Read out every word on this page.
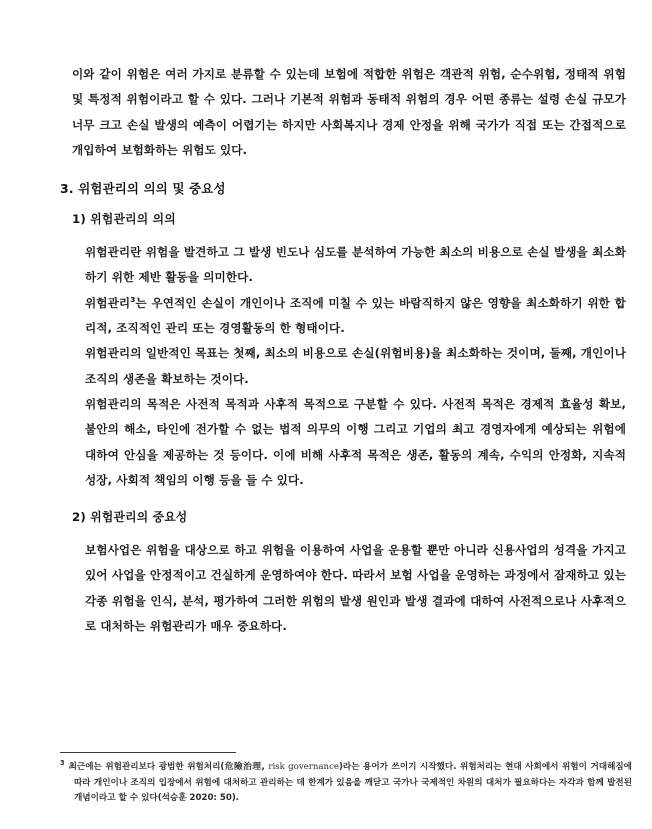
이와 같이 위험은 여러 가지로 분류할 수 있는데 보험에 적합한 위험은 객관적 위험, 순수위험, 정태적 위험 및 특정적 위험이라고 할 수 있다. 그러나 기본적 위험과 동태적 위험의 경우 어떤 종류는 설령 손실 규모가 너무 크고 손실 발생의 예측이 어렵기는 하지만 사회복지나 경제 안정을 위해 국가가 직접 또는 간접적으로 개입하여 보험화하는 위험도 있다.

3. 위험관리의 의의 및 중요성
1) 위험관리의 의의

위험관리란 위험을 발견하고 그 발생 빈도나 심도를 분석하여 가능한 최소의 비용으로 손실 발생을 최소화하기 위한 제반 활동을 의미한다.

위험관리$^3$는 우연적인 손실이 개인이나 조직에 미칠 수 있는 바람직하지 않은 영향을 최소화하기 위한 합리적, 조직적인 관리 또는 경영활동의 한 형태이다.

위험관리의 일반적인 목표는 첫째, 최소의 비용으로 손실(위험비용)을 최소화하는 것이며, 둘째, 개인이나 조직의 생존을 확보하는 것이다.

위험관리의 목적은 사전적 목적과 사후적 목적으로 구분할 수 있다. 사전적 목적은 경제적 효율성 확보, 불안의 해소, 타인에 전가할 수 없는 법적 의무의 이행 그리고 기업의 최고 경영자에게 예상되는 위험에 대하여 안심을 제공하는 것 등이다. 이에 비해 사후적 목적은 생존, 활동의 계속, 수익의 안정화, 지속적 성장, 사회적 책임의 이행 등을 들 수 있다.

2) 위험관리의 중요성

보험사업은 위험을 대상으로 하고 위험을 이용하여 사업을 운용할 뿐만 아니라 신용사업의 성격을 가지고 있어 사업을 안정적이고 건실하게 운영하여야 한다. 따라서 보험 사업을 운영하는 과정에서 잠재하고 있는 각종 위험을 인식, 분석, 평가하여 그러한 위험의 발생 원인과 발생 결과에 대하여 사전적으로나 사후적으로 대처하는 위험관리가 매우 중요하다.

$^3$ 최근에는 위험관리보다 광범한 위험처리(危險治理, risk governance)라는 용어가 쓰이기 시작했다. 위험처리는 현대 사회에서 위험이 거대해짐에 따라 개인이나 조직의 입장에서 위험에 대처하고 관리하는 데 한계가 있음을 깨닫고 국가나 국제적인 차원의 대처가 필요하다는 자각과 함께 발전된 개념이라고 할 수 있다(석승훈 2020: 50).
